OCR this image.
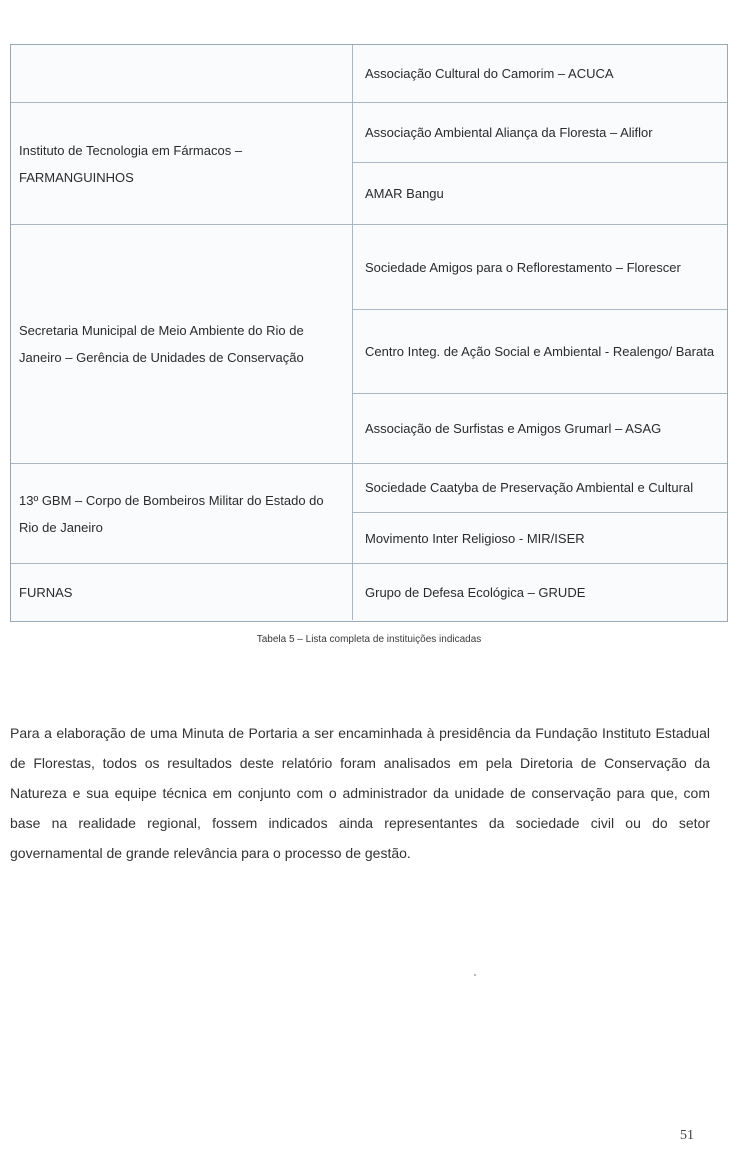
Associação Cultural do Camorim – ACUCA
Instituto de Tecnologia em Fármacos – FARMANGUINHOS
Associação Ambiental Aliança da Floresta – Aliflor
AMAR Bangu
Secretaria Municipal de Meio Ambiente do Rio de Janeiro – Gerência de Unidades de Conservação
Sociedade Amigos para o Reflorestamento – Florescer
Centro Integ. de Ação Social e Ambiental - Realengo/ Barata
Associação de Surfistas e Amigos Grumarl – ASAG
13º GBM – Corpo de Bombeiros Militar do Estado do Rio de Janeiro
Sociedade Caatyba de Preservação Ambiental e Cultural
Movimento Inter Religioso - MIR/ISER
FURNAS	Grupo de Defesa Ecológica – GRUDE
Tabela 5 – Lista completa de instituições indicadas
Para a elaboração de uma Minuta de Portaria a ser encaminhada à presidência da Fundação Instituto Estadual de Florestas, todos os resultados deste relatório foram analisados em pela Diretoria de Conservação da Natureza e sua equipe técnica em conjunto com o administrador da unidade de conservação para que, com base na realidade regional, fossem indicados ainda representantes da sociedade civil ou do setor governamental de grande relevância para o processo de gestão.
51
